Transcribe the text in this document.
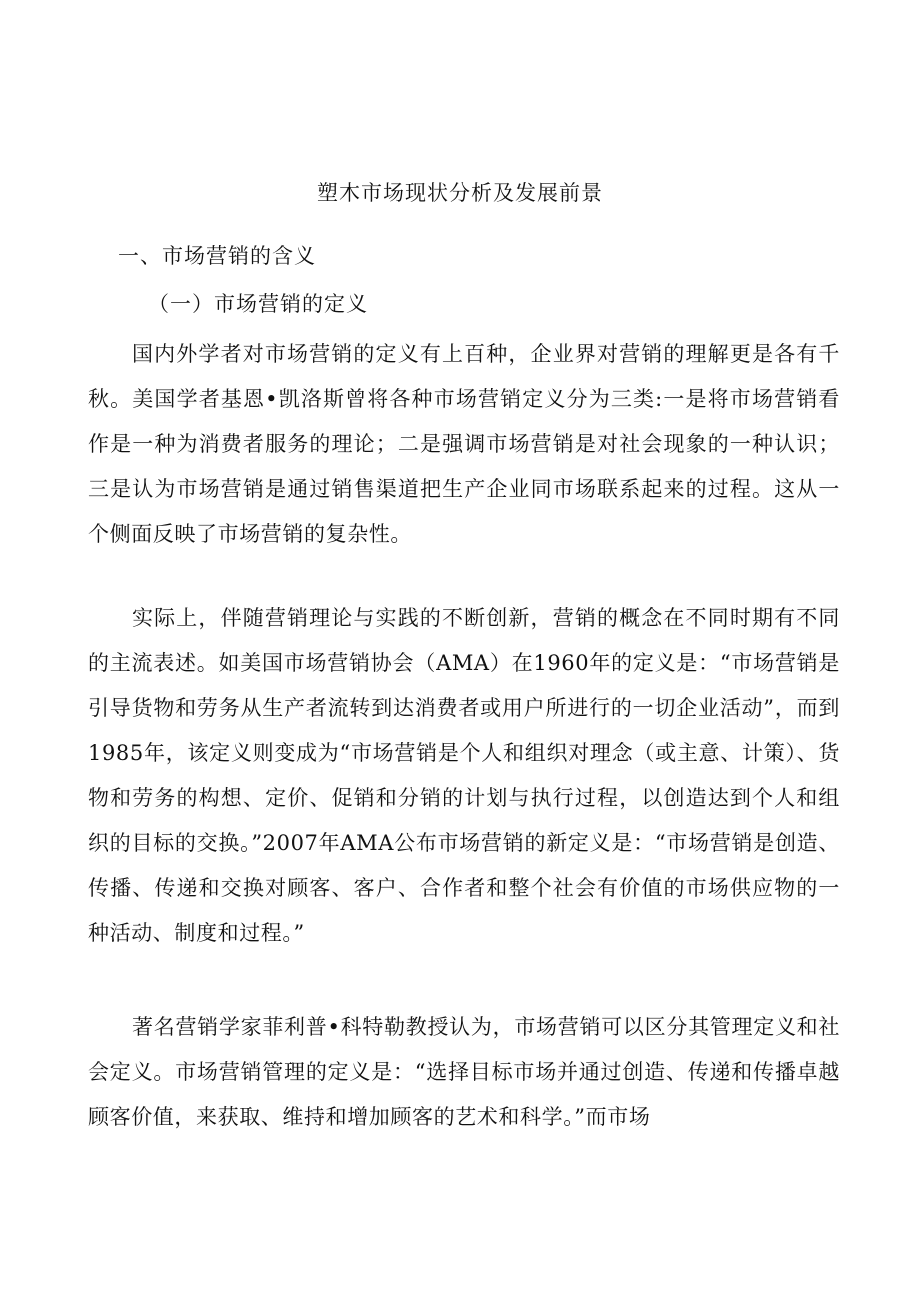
塑木市场现状分析及发展前景
一、市场营销的含义
（一）市场营销的定义

国内外学者对市场营销的定义有上百种，企业界对营销的理解更是各有千秋。美国学者基恩•凯洛斯曾将各种市场营销定义分为三类:一是将市场营销看作是一种为消费者服务的理论；二是强调市场营销是对社会现象的一种认识；三是认为市场营销是通过销售渠道把生产企业同市场联系起来的过程。这从一个侧面反映了市场营销的复杂性。

实际上，伴随营销理论与实践的不断创新，营销的概念在不同时期有不同的主流表述。如美国市场营销协会（AMA）在1960年的定义是：“市场营销是引导货物和劳务从生产者流转到达消费者或用户所进行的一切企业活动”，而到1985年，该定义则变成为“市场营销是个人和组织对理念（或主意、计策）、货物和劳务的构想、定价、促销和分销的计划与执行过程，以创造达到个人和组织的目标的交换。”2007年AMA公布市场营销的新定义是：“市场营销是创造、传播、传递和交换对顾客、客户、合作者和整个社会有价值的市场供应物的一种活动、制度和过程。”

著名营销学家菲利普•科特勒教授认为，市场营销可以区分其管理定义和社会定义。市场营销管理的定义是：“选择目标市场并通过创造、传递和传播卓越顾客价值，来获取、维持和增加顾客的艺术和科学。”而市场
